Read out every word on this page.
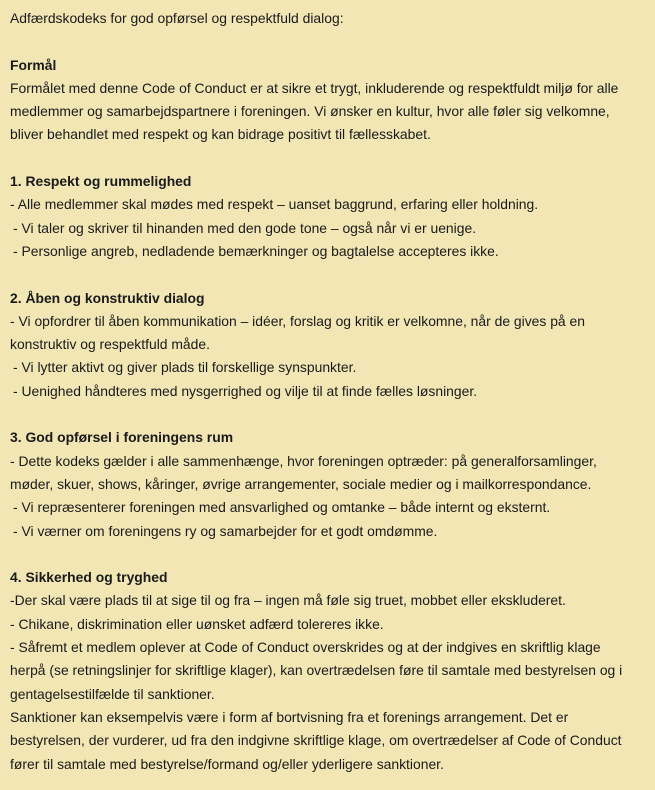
Adfærdskodeks for god opførsel og respektfuld dialog:
Formål
Formålet med denne Code of Conduct er at sikre et trygt, inkluderende og respektfuldt miljø for alle
medlemmer og samarbejdspartnere i foreningen. Vi ønsker en kultur, hvor alle føler sig velkomne,
bliver behandlet med respekt og kan bidrage positivt til fællesskabet.
1. Respekt og rummelighed
- Alle medlemmer skal mødes med respekt – uanset baggrund, erfaring eller holdning.
- Vi taler og skriver til hinanden med den gode tone – også når vi er uenige.
- Personlige angreb, nedladende bemærkninger og bagtalelse accepteres ikke.
2. Åben og konstruktiv dialog
- Vi opfordrer til åben kommunikation – idéer, forslag og kritik er velkomne, når de gives på en
konstruktiv og respektfuld måde.
- Vi lytter aktivt og giver plads til forskellige synspunkter.
- Uenighed håndteres med nysgerrighed og vilje til at finde fælles løsninger.
3. God opførsel i foreningens rum
- Dette kodeks gælder i alle sammenhænge, hvor foreningen optræder: på generalforsamlinger,
møder, skuer, shows, kåringer, øvrige arrangementer, sociale medier og i mailkorrespondance.
- Vi repræsenterer foreningen med ansvarlighed og omtanke – både internt og eksternt.
- Vi værner om foreningens ry og samarbejder for et godt omdømme.
4. Sikkerhed og tryghed
-Der skal være plads til at sige til og fra – ingen må føle sig truet, mobbet eller ekskluderet.
- Chikane, diskrimination eller uønsket adfærd tolereres ikke.
- Såfremt et medlem oplever at Code of Conduct overskrides og at der indgives en skriftlig klage
herpå (se retningslinjer for skriftlige klager), kan overtrædelsen føre til samtale med bestyrelsen og i
gentagelsestilfælde til sanktioner.
Sanktioner kan eksempelvis være i form af bortvisning fra et forenings arrangement. Det er
bestyrelsen, der vurderer, ud fra den indgivne skriftlige klage, om overtrædelser af Code of Conduct
fører til samtale med bestyrelse/formand og/eller yderligere sanktioner.
